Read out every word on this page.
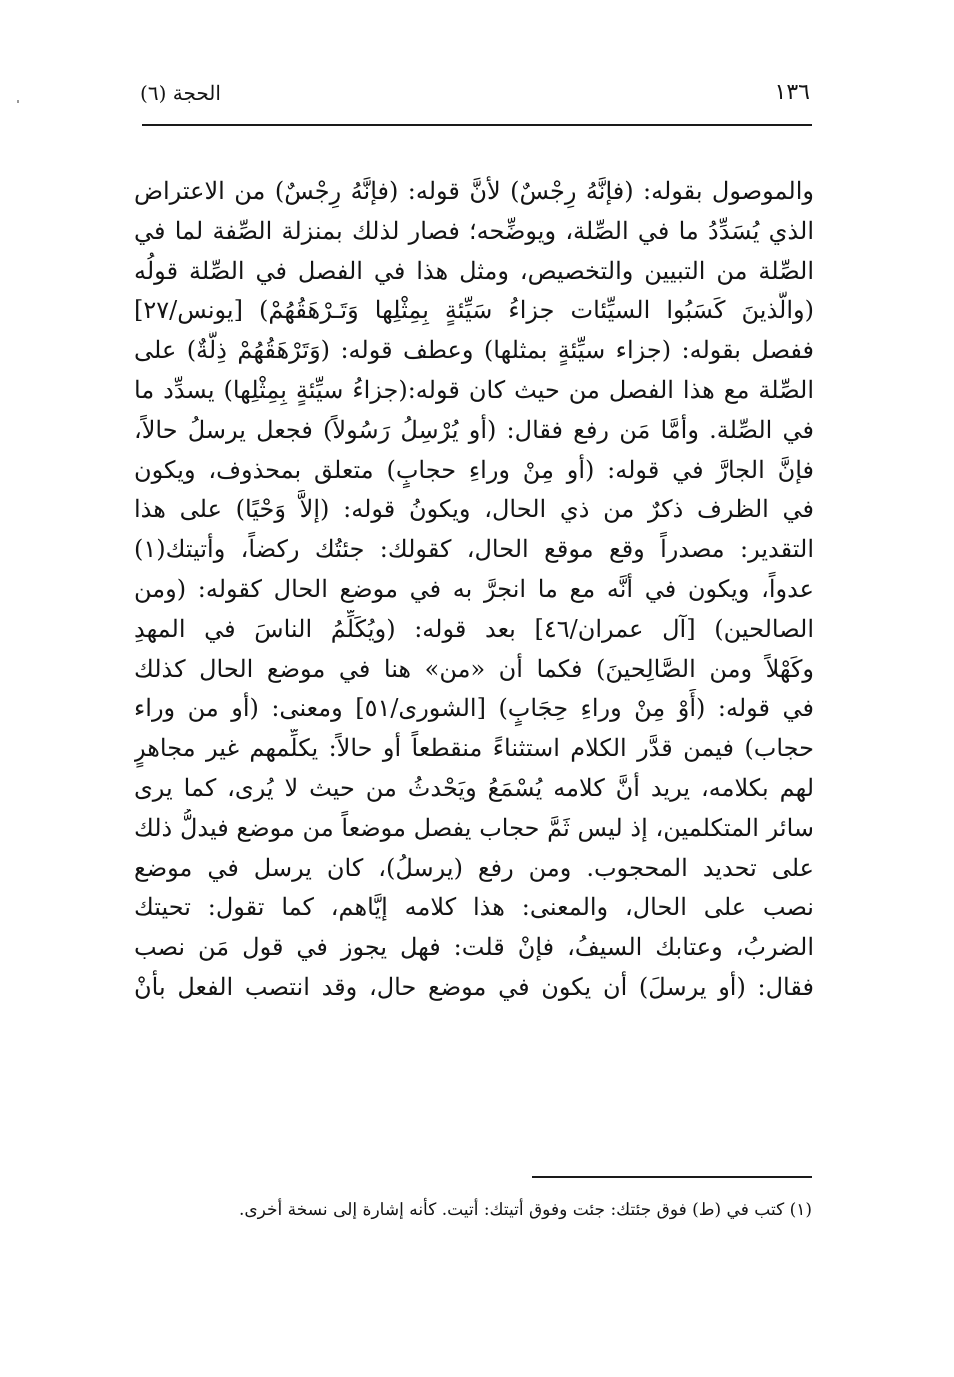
١٣٦
الحجة (٦)
والموصول بقوله: (فإنَّهُ رِجْسٌ) لأنَّ قوله: (فإنَّهُ رِجْسٌ) من الاعتراض
الذي يُسَدِّدُ ما في الصِّلة، ويوضِّحه؛ فصار لذلك بمنزلة الصِّفة لما في
الصِّلة من التبيين والتخصيص، ومثل هذا في الفصل في الصِّلة قولُه
(والَّذينَ كَسَبُوا السيِّئات جزاءُ سَيِّئةٍ بِمِثْلِها وَتَـرْهَقُهُمْ) [يونس/٢٧]
ففصل بقوله: (جزاء سيِّئةٍ بمثلها) وعطف قوله: (وَتَرْهَقُهُمْ ذِلَّةٌ) على
الصِّلة مع هذا الفصل من حيث كان قوله:(جزاءُ سيِّئةٍ بِمِثْلِها) يسدِّد ما
في الصِّلة. وأمَّا مَن رفع فقال: (أو يُرْسِلُ رَسُولاً) فجعل يرسلُ حالاً،
فإنَّ الجارَّ في قوله: (أو مِنْ وراءِ حجابٍ) متعلق بمحذوف، ويكون
في الظرف ذكرٌ من ذي الحال، ويكونُ قوله: (إلاَّ وَحْيًا) على هذا
التقدير: مصدراً وقع موقع الحال، كقولك: جئتُك ركضاً، وأتيتك(١)
عدواً، ويكون في أنَّه مع ما انجرَّ به في موضع الحال كقوله: (ومن
الصالحين) [آل عمران/٤٦] بعد قوله: (ويُكَلِّمُ الناسَ في المهدِ
وكَهْلاً ومن الصَّالِحينَ) فكما أن «من» هنا في موضع الحال كذلك
في قوله: (أَوْ مِنْ وراءِ حِجَابٍ) [الشورى/٥١] ومعنى: (أو من وراء
حجاب) فيمن قدَّر الكلام استثناءً منقطعاً أو حالاً: يكلِّمهم غير مجاهرٍ
لهم بكلامه، يريد أنَّ كلامه يُسْمَعُ ويَحْدثُ من حيث لا يُرى، كما يرى
سائر المتكلمين، إذ ليس ثَمَّ حجاب يفصل موضعاً من موضع فيدلُّ ذلك
على تحديد المحجوب. ومن رفع (يرسلُ)، كان يرسل في موضع
نصب على الحال، والمعنى: هذا كلامه إيَّاهم، كما تقول: تحيتك
الضربُ، وعتابك السيفُ، فإنْ قلت: فهل يجوز في قول مَن نصب
فقال: (أو يرسلَ) أن يكون في موضع حال، وقد انتصب الفعل بأنْ
(١) كتب في (ط) فوق جئتك: جئت وفوق أتيتك: أتيت. كأنه إشارة إلى نسخة أخرى.
